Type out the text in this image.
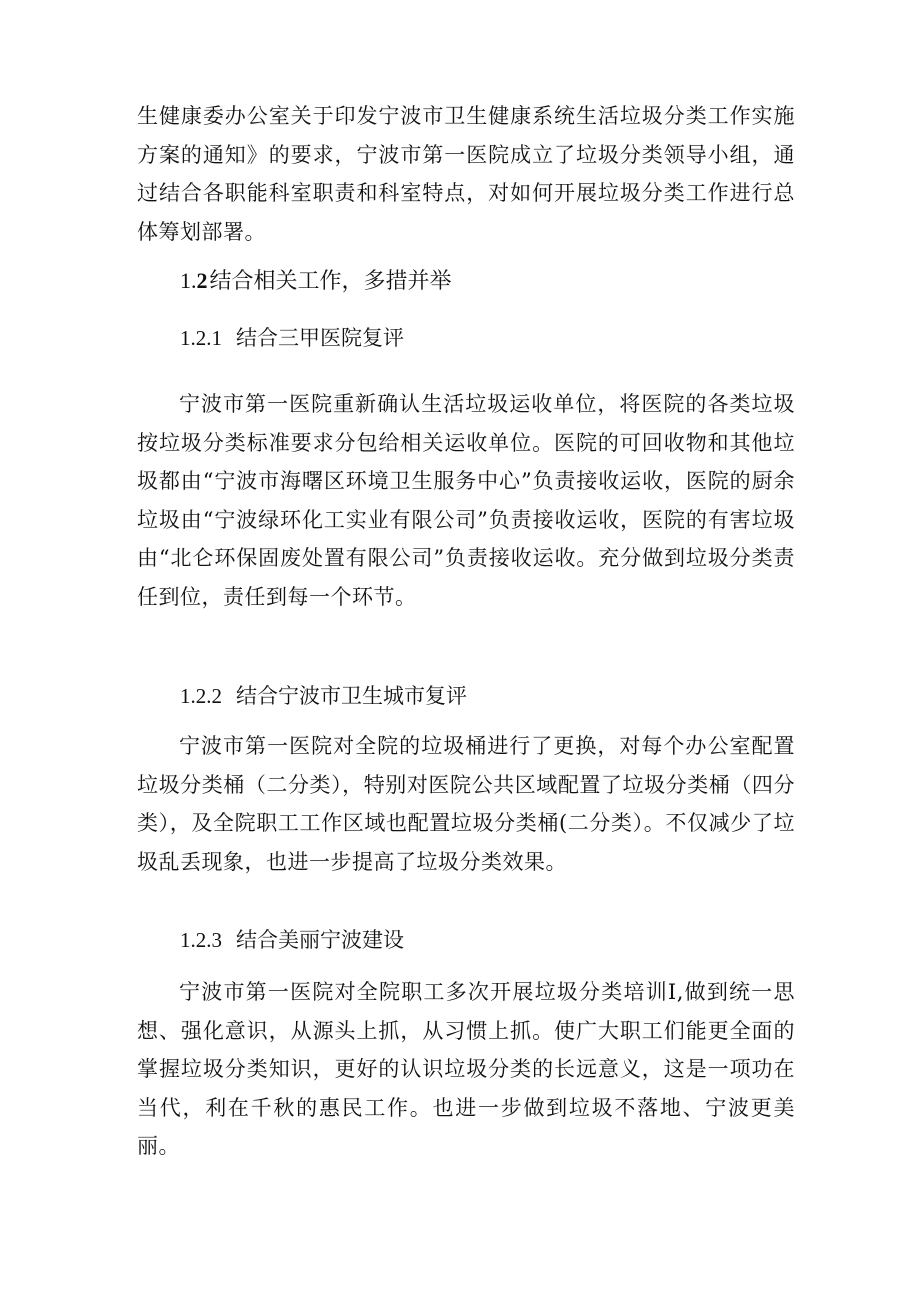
生健康委办公室关于印发宁波市卫生健康系统生活垃圾分类工作实施方案的通知》的要求，宁波市第一医院成立了垃圾分类领导小组，通过结合各职能科室职责和科室特点，对如何开展垃圾分类工作进行总体筹划部署。

1.2结合相关工作，多措并举
1.2.1 结合三甲医院复评

宁波市第一医院重新确认生活垃圾运收单位，将医院的各类垃圾按垃圾分类标准要求分包给相关运收单位。医院的可回收物和其他垃圾都由“宁波市海曙区环境卫生服务中心”负责接收运收，医院的厨余垃圾由“宁波绿环化工实业有限公司”负责接收运收，医院的有害垃圾由“北仑环保固废处置有限公司”负责接收运收。充分做到垃圾分类责任到位，责任到每一个环节。

1.2.2 结合宁波市卫生城市复评

宁波市第一医院对全院的垃圾桶进行了更换，对每个办公室配置垃圾分类桶（二分类），特别对医院公共区域配置了垃圾分类桶（四分类），及全院职工工作区域也配置垃圾分类桶(二分类）。不仅减少了垃圾乱丢现象，也进一步提高了垃圾分类效果。

1.2.3 结合美丽宁波建设

宁波市第一医院对全院职工多次开展垃圾分类培训I,做到统一思想、强化意识，从源头上抓，从习惯上抓。使广大职工们能更全面的掌握垃圾分类知识，更好的认识垃圾分类的长远意义，这是一项功在当代，利在千秋的惠民工作。也进一步做到垃圾不落地、宁波更美丽。
